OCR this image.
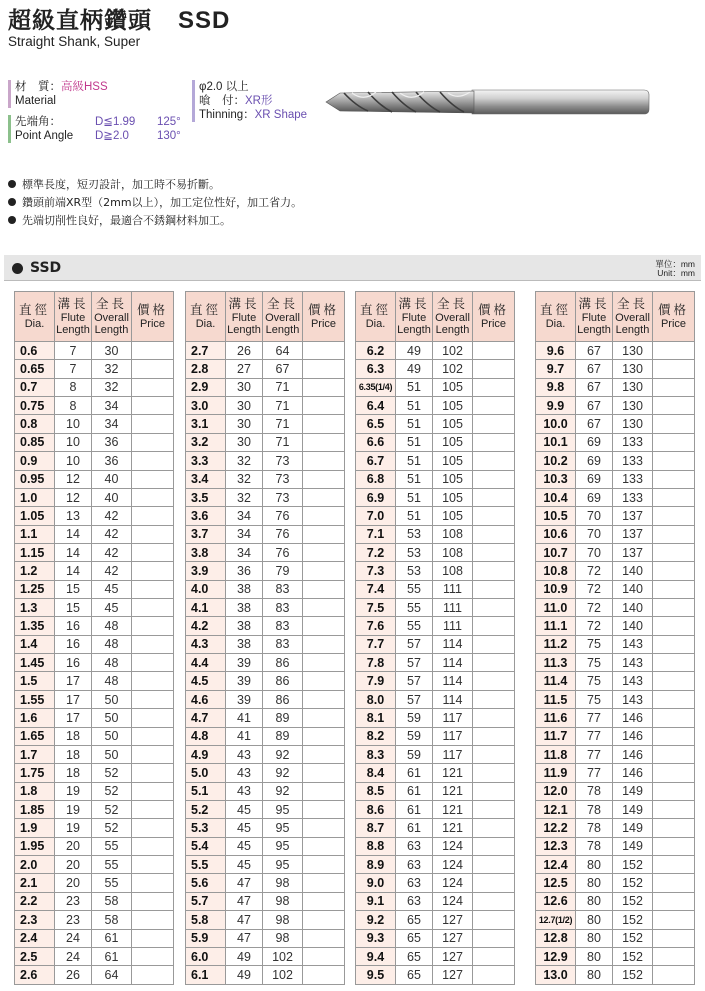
超級直柄鑽頭 SSD
Straight Shank, Super
材　質：高級HSS
Material
先端角：	D≦1.99	125°
Point Angle	D≧2.0	130°
φ2.0 以上
喰　付：XR形
Thinning：XR Shape
標準長度，短刃設計，加工時不易折斷。
鑽頭前端XR型（2mm以上），加工定位性好，加工省力。
先端切削性良好，最適合不銹鋼材料加工。
SSD	單位：mm
Unit：mm
直徑
Dia.	溝長
Flute
Length	全長
Overall
Length	價格
Price
0.6	7	30	
0.65	7	32	
0.7	8	32	
0.75	8	34	
0.8	10	34	
0.85	10	36	
0.9	10	36	
0.95	12	40	
1.0	12	40	
1.05	13	42	
1.1	14	42	
1.15	14	42	
1.2	14	42	
1.25	15	45	
1.3	15	45	
1.35	16	48	
1.4	16	48	
1.45	16	48	
1.5	17	48	
1.55	17	50	
1.6	17	50	
1.65	18	50	
1.7	18	50	
1.75	18	52	
1.8	19	52	
1.85	19	52	
1.9	19	52	
1.95	20	55	
2.0	20	55	
2.1	20	55	
2.2	23	58	
2.3	23	58	
2.4	24	61	
2.5	24	61	
2.6	26	64	
直徑
Dia.	溝長
Flute
Length	全長
Overall
Length	價格
Price
2.7	26	64	
2.8	27	67	
2.9	30	71	
3.0	30	71	
3.1	30	71	
3.2	30	71	
3.3	32	73	
3.4	32	73	
3.5	32	73	
3.6	34	76	
3.7	34	76	
3.8	34	76	
3.9	36	79	
4.0	38	83	
4.1	38	83	
4.2	38	83	
4.3	38	83	
4.4	39	86	
4.5	39	86	
4.6	39	86	
4.7	41	89	
4.8	41	89	
4.9	43	92	
5.0	43	92	
5.1	43	92	
5.2	45	95	
5.3	45	95	
5.4	45	95	
5.5	45	95	
5.6	47	98	
5.7	47	98	
5.8	47	98	
5.9	47	98	
6.0	49	102	
6.1	49	102	
直徑
Dia.	溝長
Flute
Length	全長
Overall
Length	價格
Price
6.2	49	102	
6.3	49	102	
6.35(1/4)	51	105	
6.4	51	105	
6.5	51	105	
6.6	51	105	
6.7	51	105	
6.8	51	105	
6.9	51	105	
7.0	51	105	
7.1	53	108	
7.2	53	108	
7.3	53	108	
7.4	55	111	
7.5	55	111	
7.6	55	111	
7.7	57	114	
7.8	57	114	
7.9	57	114	
8.0	57	114	
8.1	59	117	
8.2	59	117	
8.3	59	117	
8.4	61	121	
8.5	61	121	
8.6	61	121	
8.7	61	121	
8.8	63	124	
8.9	63	124	
9.0	63	124	
9.1	63	124	
9.2	65	127	
9.3	65	127	
9.4	65	127	
9.5	65	127	
直徑
Dia.	溝長
Flute
Length	全長
Overall
Length	價格
Price
9.6	67	130	
9.7	67	130	
9.8	67	130	
9.9	67	130	
10.0	67	130	
10.1	69	133	
10.2	69	133	
10.3	69	133	
10.4	69	133	
10.5	70	137	
10.6	70	137	
10.7	70	137	
10.8	72	140	
10.9	72	140	
11.0	72	140	
11.1	72	140	
11.2	75	143	
11.3	75	143	
11.4	75	143	
11.5	75	143	
11.6	77	146	
11.7	77	146	
11.8	77	146	
11.9	77	146	
12.0	78	149	
12.1	78	149	
12.2	78	149	
12.3	78	149	
12.4	80	152	
12.5	80	152	
12.6	80	152	
12.7(1/2)	80	152	
12.8	80	152	
12.9	80	152	
13.0	80	152	
